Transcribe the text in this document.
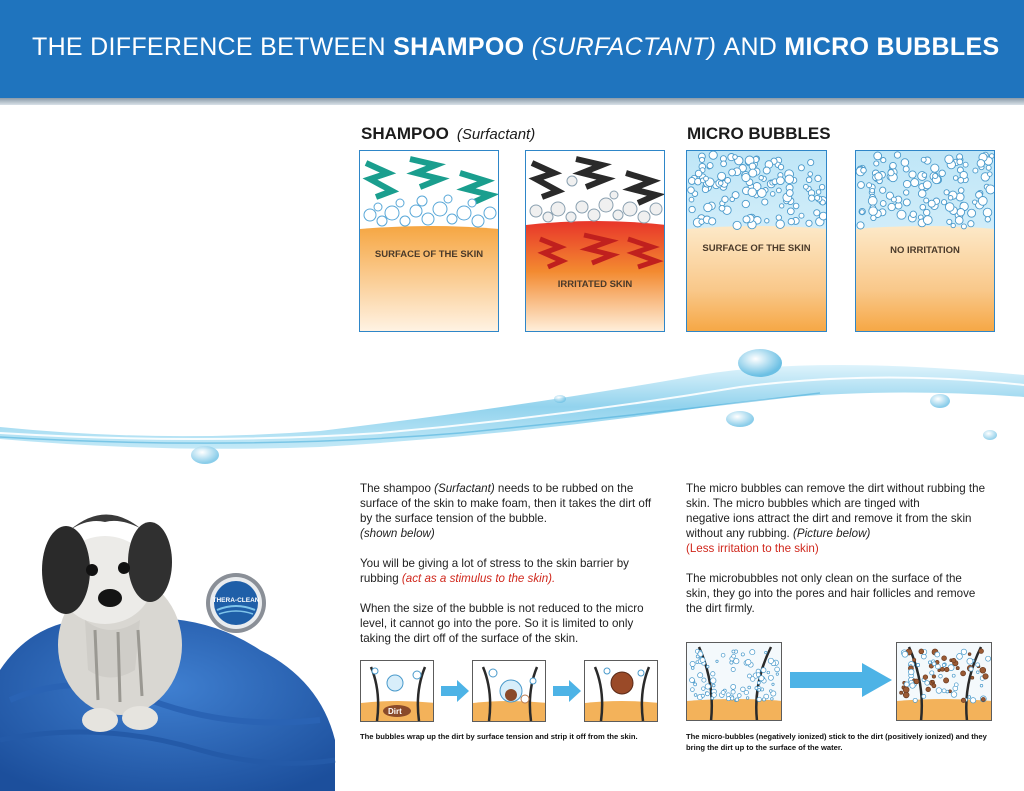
THE DIFFERENCE BETWEEN SHAMPOO (SURFACTANT) AND MICRO BUBBLES
SHAMPOO (Surfactant)	MICRO BUBBLES
SURFACE OF THE SKIN
IRRITATED SKIN
SURFACE OF THE SKIN	NO IRRITATION
THERA-CLEAN

The shampoo (Surfactant) needs to be rubbed on the surface of the skin to make foam, then it takes the dirt off by the surface tension of the bubble.
(shown below)

You will be giving a lot of stress to the skin barrier by rubbing (act as a stimulus to the skin).

When the size of the bubble is not reduced to the micro level, it cannot go into the pore. So it is limited to only taking the dirt off of the surface of the skin.

The micro bubbles can remove the dirt without rubbing the skin. The micro bubbles which are tinged with
negative ions attract the dirt and remove it from the skin without any rubbing. (Picture below)
(Less irritation to the skin)

The microbubbles not only clean on the surface of the skin, they go into the pores and hair follicles and remove the dirt firmly.

Dirt
The bubbles wrap up the dirt by surface tension and strip it off from the skin.	The micro-bubbles (negatively ionized) stick to the dirt (positively ionized) and they bring the dirt up to the surface of the water.
